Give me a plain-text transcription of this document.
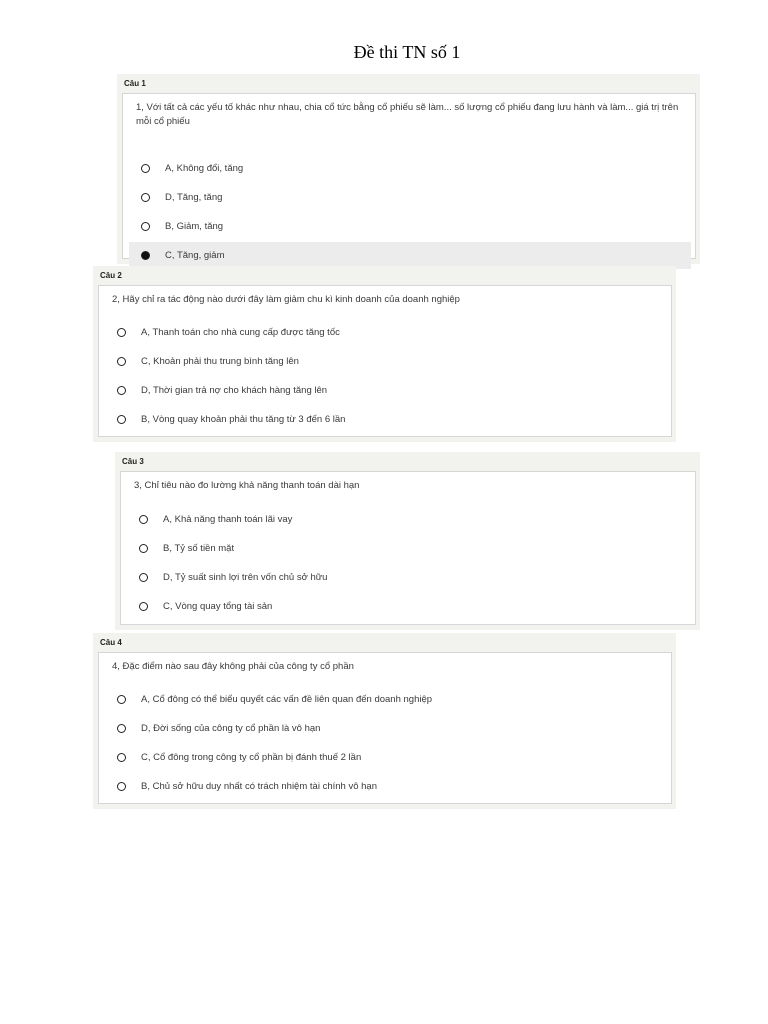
Đề thi TN số 1
Câu 1
1, Với tất cả các yếu tố khác như nhau, chia cổ tức bằng cổ phiếu sẽ làm... số lượng cổ phiếu đang lưu hành và làm... giá trị trên mỗi cổ phiếu
A, Không đổi, tăng
D, Tăng, tăng
B, Giảm, tăng
C, Tăng, giảm
Câu 2
2, Hãy chỉ ra tác động nào dưới đây làm giảm chu kì kinh doanh của doanh nghiệp
A, Thanh toán cho nhà cung cấp được tăng tốc
C, Khoản phải thu trung bình tăng lên
D, Thời gian trả nợ cho khách hàng tăng lên
B, Vòng quay khoản phải thu tăng từ 3 đến 6 lần
Câu 3
3, Chỉ tiêu nào đo lường khả năng thanh toán dài hạn
A, Khả năng thanh toán lãi vay
B, Tỷ số tiền mặt
D, Tỷ suất sinh lợi trên vốn chủ sở hữu
C, Vòng quay tổng tài sản
Câu 4
4, Đặc điểm nào sau đây không phải của công ty cổ phần
A, Cổ đông có thể biểu quyết các vấn đề liên quan đến doanh nghiệp
D, Đời sống của công ty cổ phần là vô hạn
C, Cổ đông trong công ty cổ phần bị đánh thuế 2 lần
B, Chủ sở hữu duy nhất có trách nhiệm tài chính vô hạn
